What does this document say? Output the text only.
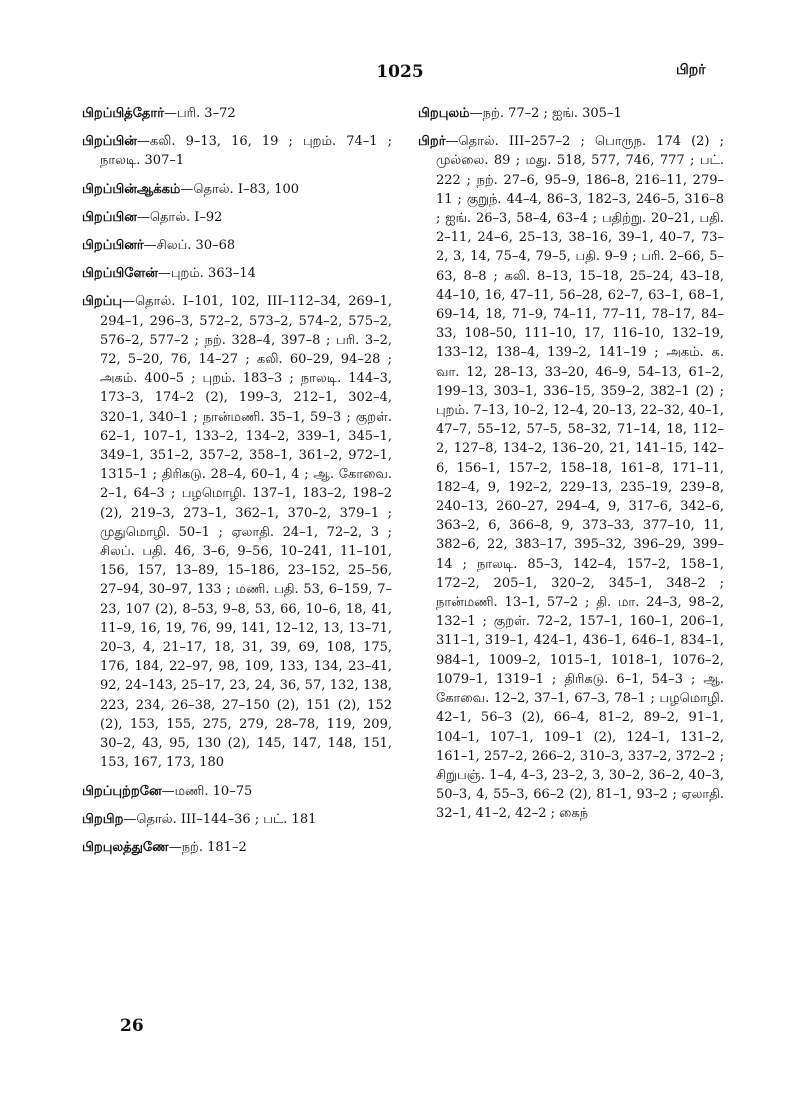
1025	பிறர்
பிறப்பித்தோர்—பரி. 3–72
பிறப்பின்—கலி. 9–13, 16, 19 ; புறம். 74–1 ; நாலடி. 307–1
பிறப்பின்ஆக்கம்—தொல். I–83, 100
பிறப்பின—தொல். I–92
பிறப்பினர்—சிலப். 30–68
பிறப்பிளேன்—புறம். 363–14
பிறப்பு—தொல். I–101, 102, III–112–34, 269–1, 294–1, 296–3, 572–2, 573–2, 574–2, 575–2, 576–2, 577–2 ; நற். 328–4, 397–8 ; பரி. 3–2, 72, 5–20, 76, 14–27 ; கலி. 60–29, 94–28 ; அகம். 400–5 ; புறம். 183–3 ; நாலடி. 144–3, 173–3, 174–2 (2), 199–3, 212–1, 302–4, 320–1, 340–1 ; நான்மணி. 35–1, 59–3 ; குறள். 62–1, 107–1, 133–2, 134–2, 339–1, 345–1, 349–1, 351–2, 357–2, 358–1, 361–2, 972–1, 1315–1 ; திரிகடு. 28–4, 60–1, 4 ; ஆ. கோவை. 2–1, 64–3 ; பழமொழி. 137–1, 183–2, 198–2 (2), 219–3, 273–1, 362–1, 370–2, 379–1 ; முதுமொழி. 50–1 ; ஏலாதி. 24–1, 72–2, 3 ; சிலப். பதி. 46, 3–6, 9–56, 10–241, 11–101, 156, 157, 13–89, 15–186, 23–152, 25–56, 27–94, 30–97, 133 ; மணி. பதி. 53, 6–159, 7–23, 107 (2), 8–53, 9–8, 53, 66, 10–6, 18, 41, 11–9, 16, 19, 76, 99, 141, 12–12, 13, 13–71, 20–3, 4, 21–17, 18, 31, 39, 69, 108, 175, 176, 184, 22–97, 98, 109, 133, 134, 23–41, 92, 24–143, 25–17, 23, 24, 36, 57, 132, 138, 223, 234, 26–38, 27–150 (2), 151 (2), 152 (2), 153, 155, 275, 279, 28–78, 119, 209, 30–2, 43, 95, 130 (2), 145, 147, 148, 151, 153, 167, 173, 180
பிறப்புற்றனே—மணி. 10–75
பிறபிற—தொல். III–144–36 ; பட். 181
பிறபுலத்துணே—நற். 181–2
பிறபுலம்—நற். 77–2 ; ஐங். 305–1
பிறர்—தொல். III–257–2 ; பொருந. 174 (2) ; முல்லை. 89 ; மது. 518, 577, 746, 777 ; பட். 222 ; நற். 27–6, 95–9, 186–8, 216–11, 279–11 ; குறுந். 44–4, 86–3, 182–3, 246–5, 316–8 ; ஐங். 26–3, 58–4, 63–4 ; பதிற்று. 20–21, பதி. 2–11, 24–6, 25–13, 38–16, 39–1, 40–7, 73–2, 3, 14, 75–4, 79–5, பதி. 9–9 ; பரி. 2–66, 5–63, 8–8 ; கலி. 8–13, 15–18, 25–24, 43–18, 44–10, 16, 47–11, 56–28, 62–7, 63–1, 68–1, 69–14, 18, 71–9, 74–11, 77–11, 78–17, 84–33, 108–50, 111–10, 17, 116–10, 132–19, 133–12, 138–4, 139–2, 141–19 ; அகம். க. வா. 12, 28–13, 33–20, 46–9, 54–13, 61–2, 199–13, 303–1, 336–15, 359–2, 382–1 (2) ; புறம். 7–13, 10–2, 12–4, 20–13, 22–32, 40–1, 47–7, 55–12, 57–5, 58–32, 71–14, 18, 112–2, 127–8, 134–2, 136–20, 21, 141–15, 142–6, 156–1, 157–2, 158–18, 161–8, 171–11, 182–4, 9, 192–2, 229–13, 235–19, 239–8, 240–13, 260–27, 294–4, 9, 317–6, 342–6, 363–2, 6, 366–8, 9, 373–33, 377–10, 11, 382–6, 22, 383–17, 395–32, 396–29, 399–14 ; நாலடி. 85–3, 142–4, 157–2, 158–1, 172–2, 205–1, 320–2, 345–1, 348–2 ; நான்மணி. 13–1, 57–2 ; தி. மா. 24–3, 98–2, 132–1 ; குறள். 72–2, 157–1, 160–1, 206–1, 311–1, 319–1, 424–1, 436–1, 646–1, 834–1, 984–1, 1009–2, 1015–1, 1018–1, 1076–2, 1079–1, 1319–1 ; திரிகடு. 6–1, 54–3 ; ஆ. கோவை. 12–2, 37–1, 67–3, 78–1 ; பழமொழி. 42–1, 56–3 (2), 66–4, 81–2, 89–2, 91–1, 104–1, 107–1, 109–1 (2), 124–1, 131–2, 161–1, 257–2, 266–2, 310–3, 337–2, 372–2 ; சிறுபஞ். 1–4, 4–3, 23–2, 3, 30–2, 36–2, 40–3, 50–3, 4, 55–3, 66–2 (2), 81–1, 93–2 ; ஏலாதி. 32–1, 41–2, 42–2 ; கைந்
26
